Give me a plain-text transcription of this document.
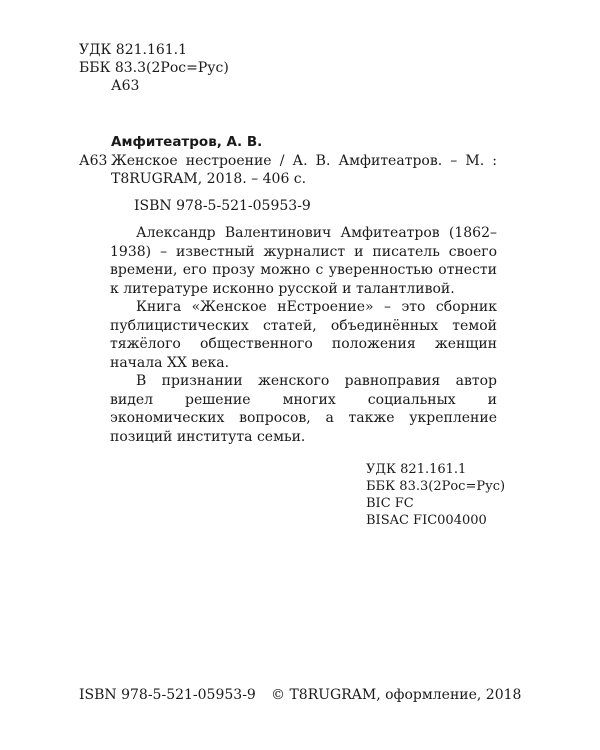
УДК 821.161.1
ББК 83.3(2Рос=Рус)
А63
Амфитеатров, А. В.
А63 Женское нестроение / А. В. Амфитеатров. – М. :
T8RUGRAM, 2018. – 406 с.
ISBN 978-5-521-05953-9

Александр Валентинович Амфитеатров (1862–1938) – известный журналист и писатель своего времени, его прозу можно с уверенностью отнести к литературе исконно русской и талантливой.

Книга «Женское нЕстроение» – это сборник публицистических статей, объединённых темой тяжёлого общественного положения женщин начала XX века.

В признании женского равноправия автор видел решение многих социальных и экономических вопросов, а также укрепление позиций института семьи.

УДК 821.161.1
ББК 83.3(2Рос=Рус)
BIC FC
BISAC FIC004000
ISBN 978-5-521-05953-9 © T8RUGRAM, оформление, 2018
